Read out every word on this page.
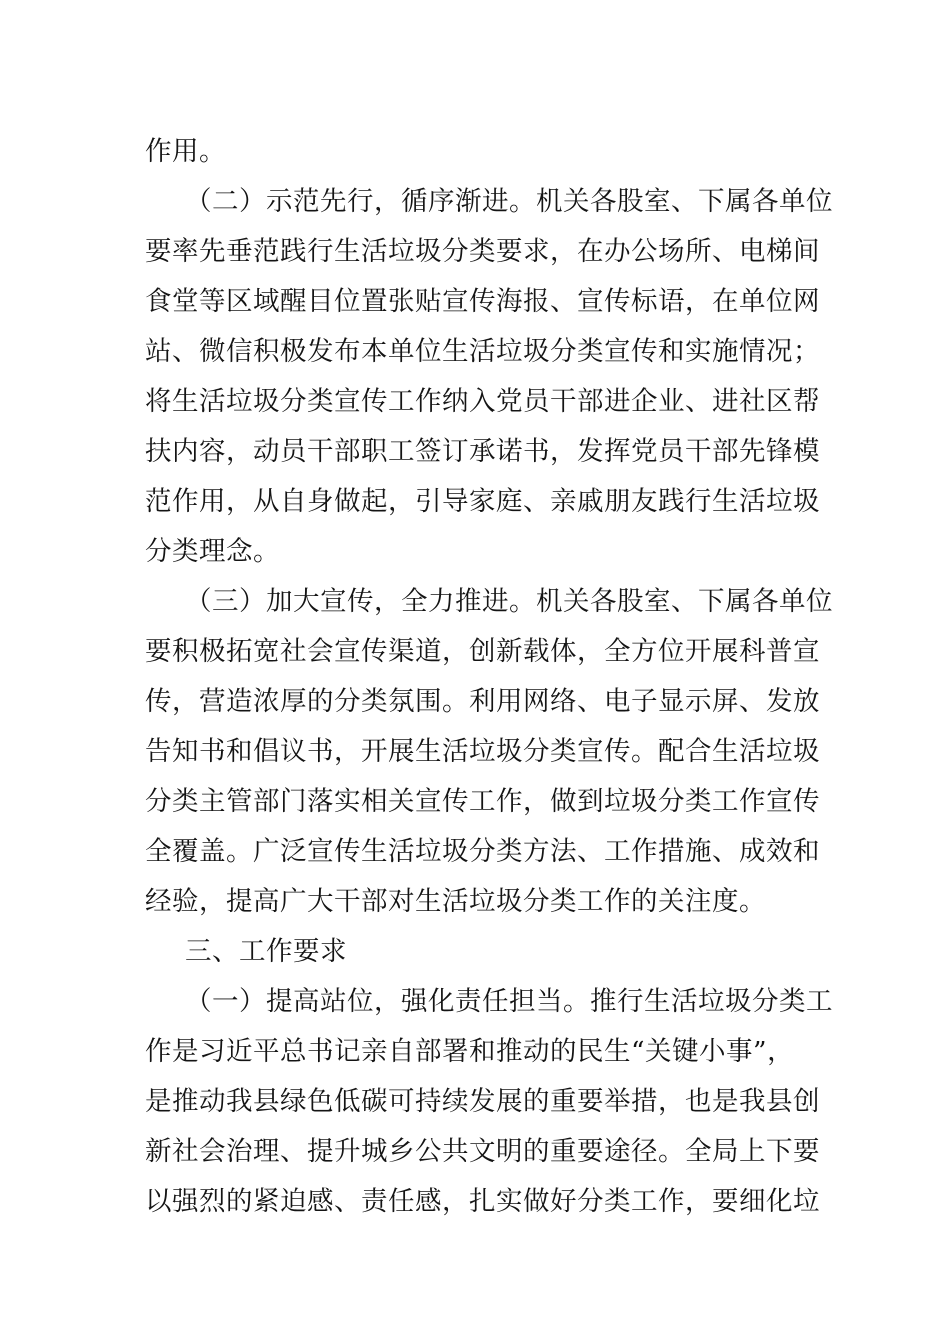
作用。
（二）示范先行，循序渐进。机关各股室、下属各单位
要率先垂范践行生活垃圾分类要求，在办公场所、电梯间
食堂等区域醒目位置张贴宣传海报、宣传标语，在单位网
站、微信积极发布本单位生活垃圾分类宣传和实施情况；
将生活垃圾分类宣传工作纳入党员干部进企业、进社区帮
扶内容，动员干部职工签订承诺书，发挥党员干部先锋模
范作用，从自身做起，引导家庭、亲戚朋友践行生活垃圾
分类理念。
（三）加大宣传，全力推进。机关各股室、下属各单位
要积极拓宽社会宣传渠道，创新载体，全方位开展科普宣
传，营造浓厚的分类氛围。利用网络、电子显示屏、发放
告知书和倡议书，开展生活垃圾分类宣传。配合生活垃圾
分类主管部门落实相关宣传工作，做到垃圾分类工作宣传
全覆盖。广泛宣传生活垃圾分类方法、工作措施、成效和
经验，提高广大干部对生活垃圾分类工作的关注度。
三、工作要求
（一）提高站位，强化责任担当。推行生活垃圾分类工
作是习近平总书记亲自部署和推动的民生“关键小事”，
是推动我县绿色低碳可持续发展的重要举措，也是我县创
新社会治理、提升城乡公共文明的重要途径。全局上下要
以强烈的紧迫感、责任感，扎实做好分类工作，要细化垃
